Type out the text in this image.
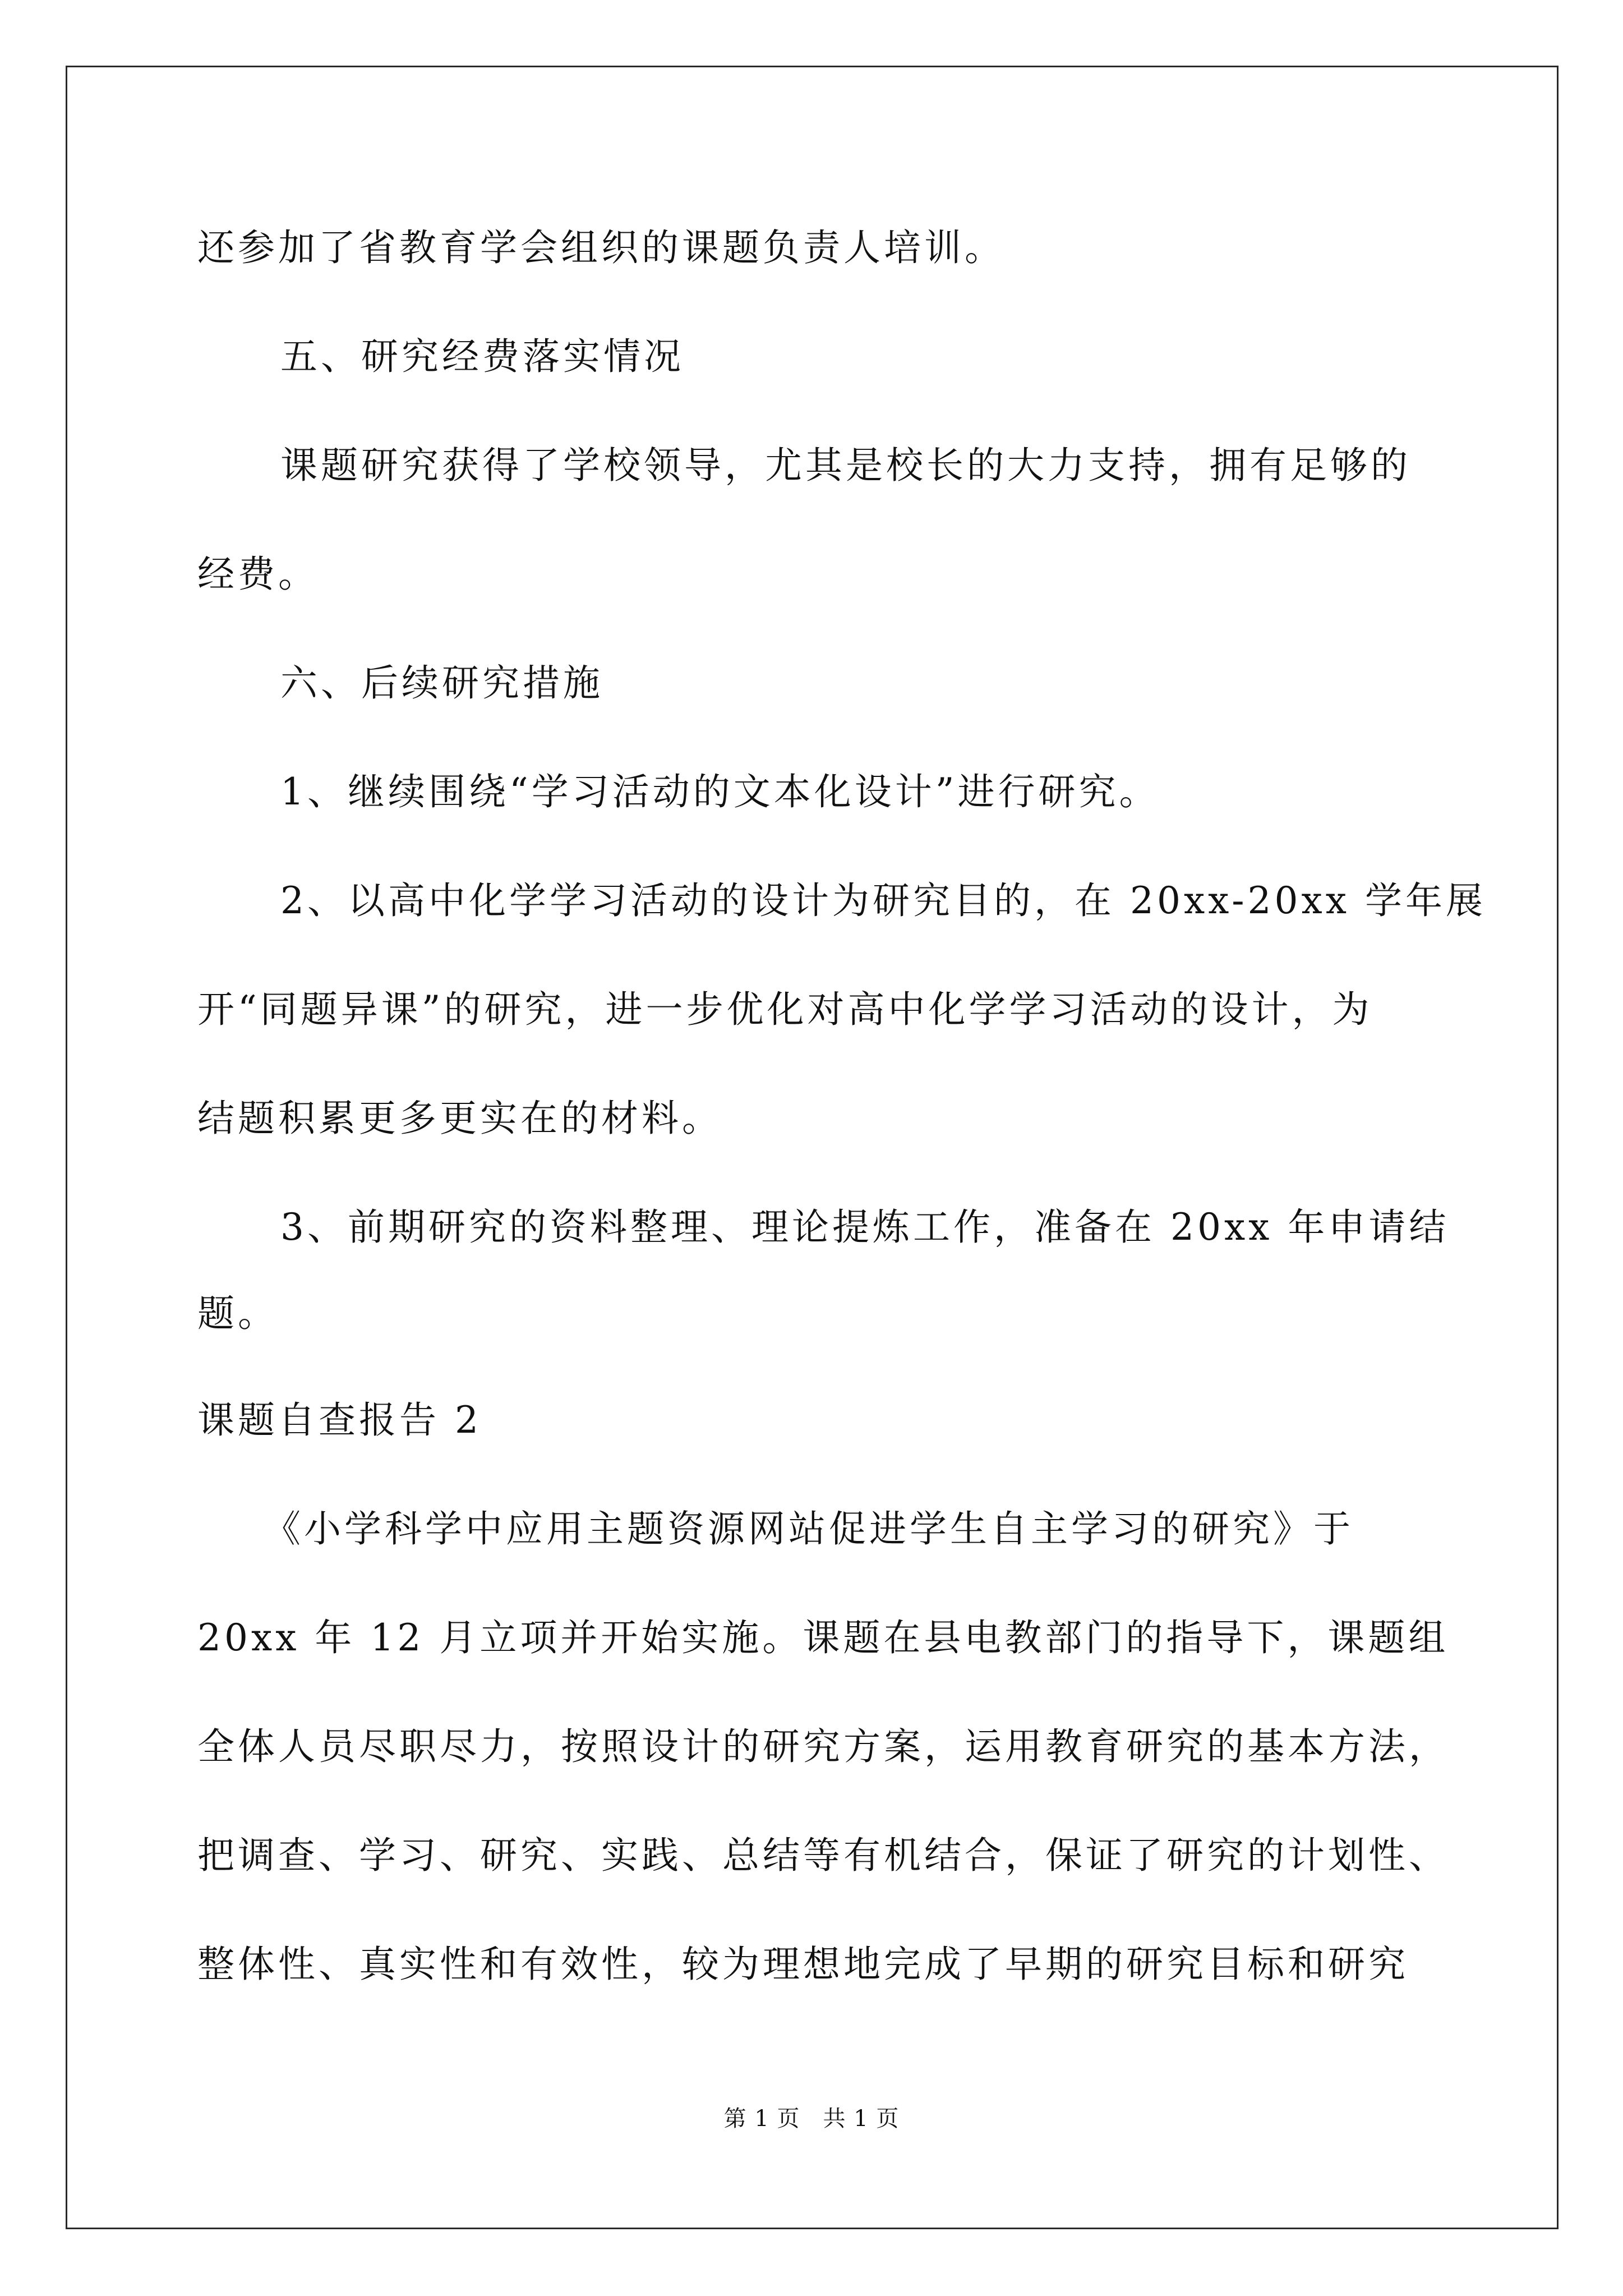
还参加了省教育学会组织的课题负责人培训。
五、研究经费落实情况
课题研究获得了学校领导，尤其是校长的大力支持，拥有足够的
经费。
六、后续研究措施
1、继续围绕“学习活动的文本化设计”进行研究。
2、以高中化学学习活动的设计为研究目的，在 20xx-20xx 学年展
开“同题异课”的研究，进一步优化对高中化学学习活动的设计，为
结题积累更多更实在的材料。
3、前期研究的资料整理、理论提炼工作，准备在 20xx 年申请结
题。
课题自查报告 2
《小学科学中应用主题资源网站促进学生自主学习的研究》于
20xx 年 12 月立项并开始实施。课题在县电教部门的指导下，课题组
全体人员尽职尽力，按照设计的研究方案，运用教育研究的基本方法，
把调查、学习、研究、实践、总结等有机结合，保证了研究的计划性、
整体性、真实性和有效性，较为理想地完成了早期的研究目标和研究
第 1 页　共 1 页
